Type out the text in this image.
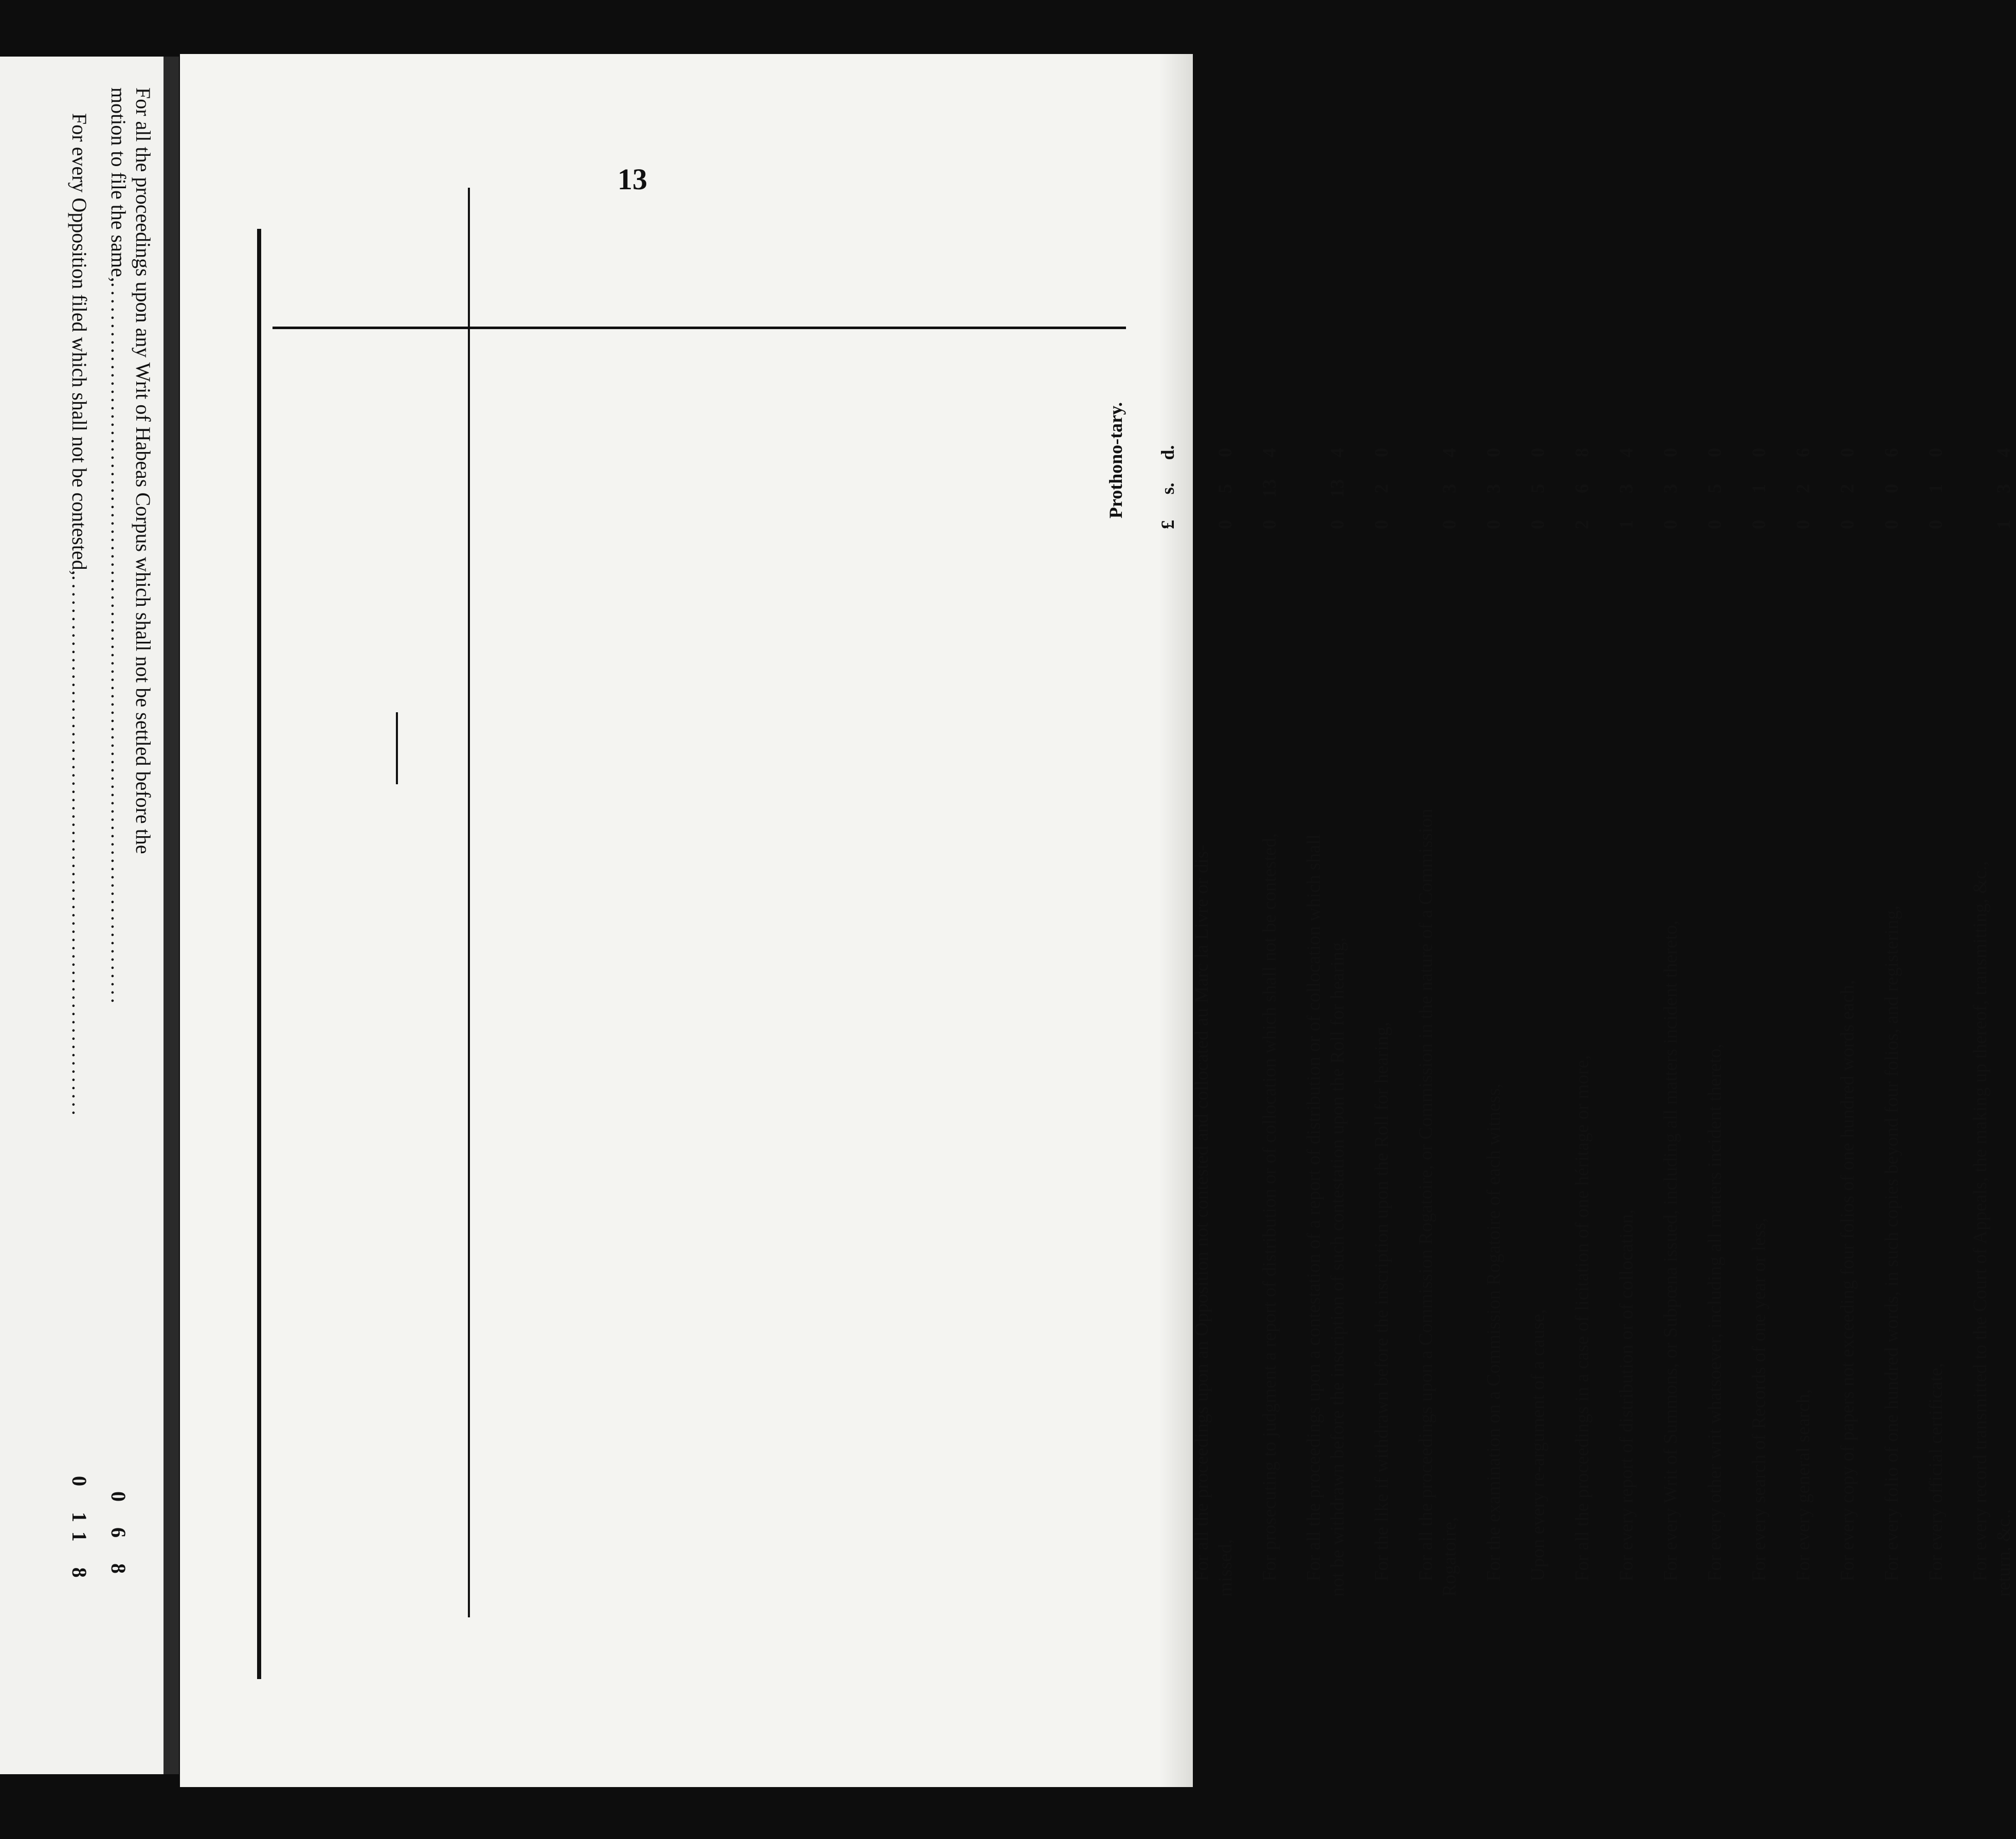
For all the proceedings upon any Writ of Habeas Corpus which shall not be settled before the
motion to file the same,........................................................................................
0 6 8
For every Opposition filed which shall not be contested,..................................................................
0 11 8
13
Prothono-tary.
£s.d.
For all the proceedings upon an Opposition not contested and collocated au Marc la Livre or dis- missed,
050
For prosecuting to judgment a report of distribution or of collocation which shall not be contested,
0134
For all the proceedings upon a contestation of a report of distribution or of collocation which shall not be withdrawn before the inscription of such contestation upon the Roll for hearing,
0134
For the like if withdrawn before the inscription upon the Roll for hearing,
020
For all the proceedings upon a Commission Rogatoire, or Commission in the nature of a Commission Rogatoire,
034
For the examination on a Commission Rogatoire of each witness,
030
Upon every re-argument of a cause,
050
For all the proceedings in a case of licitation of one héritage or more,
268
For every report of distribution or of collocation,
134
For every Writ of Summons, or Subpœna issued, including all matters incident thereto,
030
For every other writ whatsoever, including all matters incident thereto,
050
For every search of Records of one year or less,
010
For every general search,
026
For every copy of papers not exceeding four folios of one hundred words each,
020
For every folio of one hundred words, in such copies beyond four folios, and registering,
006
For every official certificate,
010
For every record transmitted to the Court of Appeals, the making up thereof, transmitting, &c., return, &c.,
134
